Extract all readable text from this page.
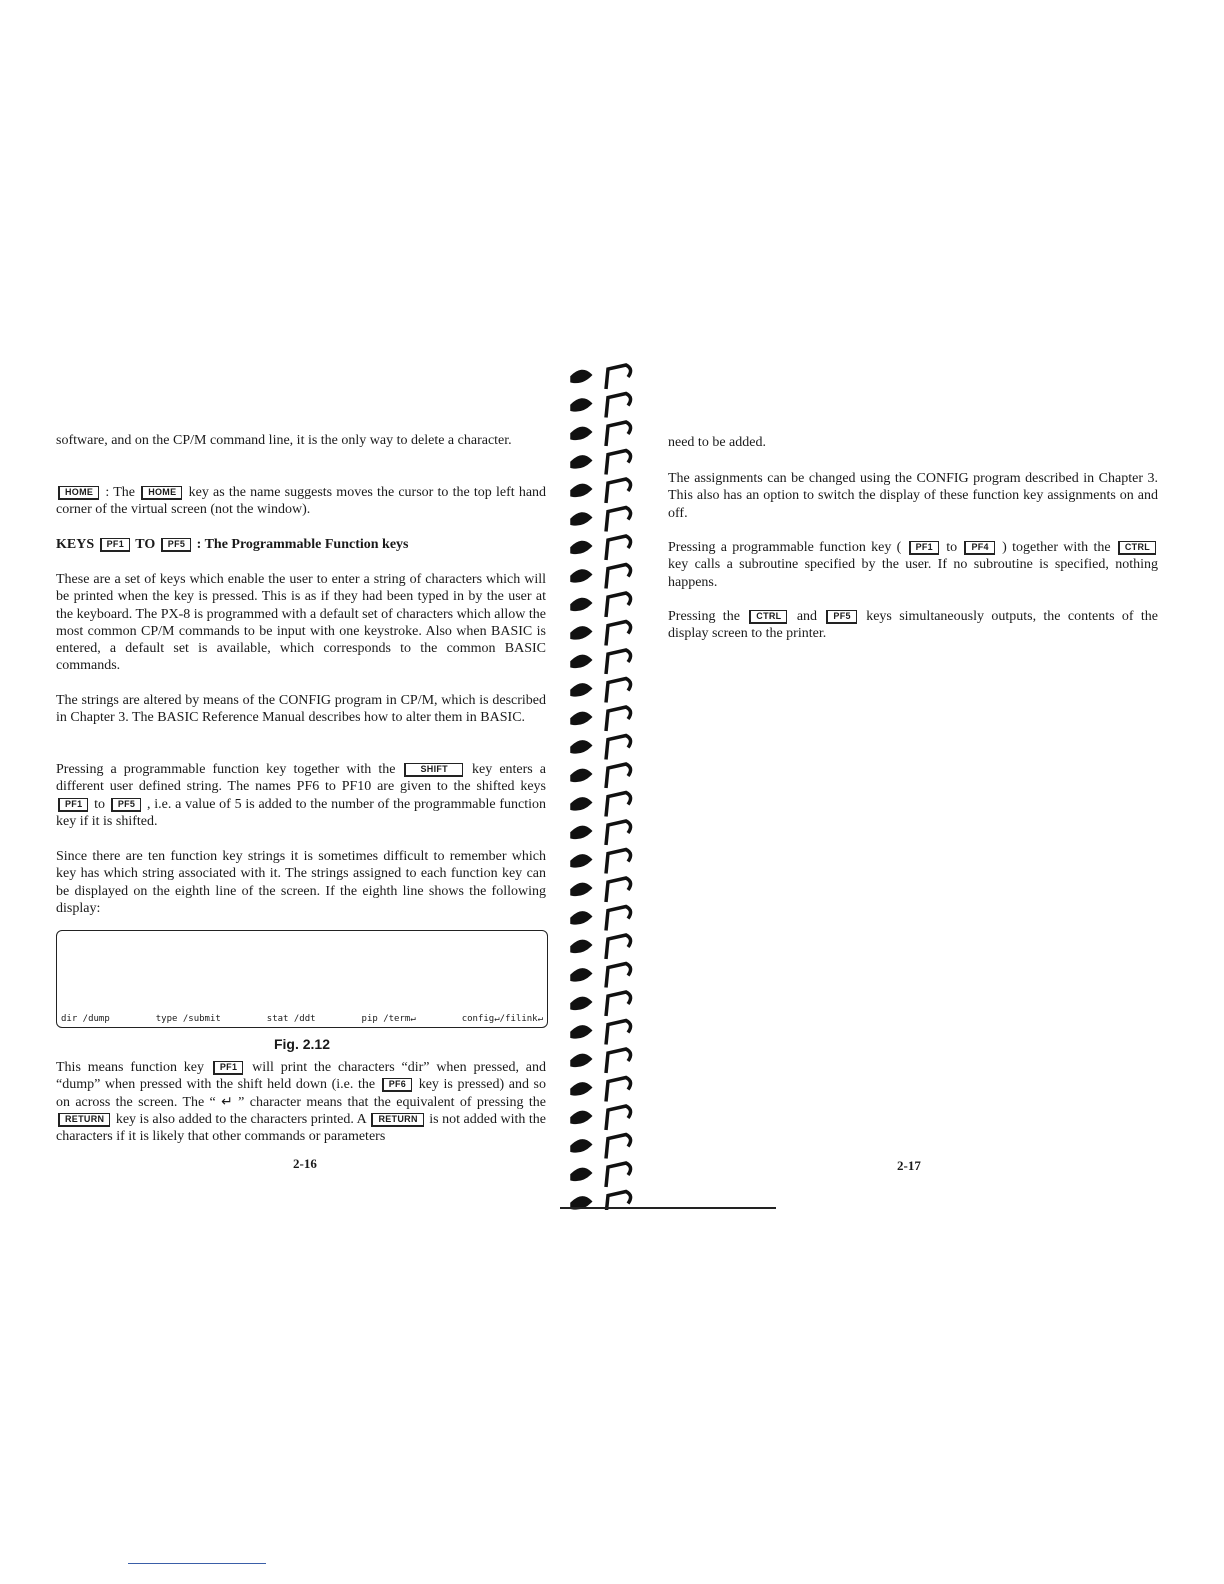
software, and on the CP/M command line, it is the only way to delete a character.

HOME : The HOME key as the name suggests moves the cursor to the top left hand corner of the virtual screen (not the window).

KEYS PF1 TO PF5 : The Programmable Function keys

These are a set of keys which enable the user to enter a string of characters which will be printed when the key is pressed. This is as if they had been typed in by the user at the keyboard. The PX-8 is programmed with a default set of characters which allow the most common CP/M commands to be input with one keystroke. Also when BASIC is entered, a default set is available, which corresponds to the common BASIC commands.

The strings are altered by means of the CONFIG program in CP/M, which is described in Chapter 3. The BASIC Reference Manual describes how to alter them in BASIC.

Pressing a programmable function key together with the	SHIFT key enters a different user defined string. The names PF6 to PF10 are given to the shifted keys PF1 to PF5 , i.e. a value of 5 is added to the number of the programmable function key if it is shifted.

Since there are ten function key strings it is sometimes difficult to remember which key has which string associated with it. The strings assigned to each function key can be displayed on the eighth line of the screen. If the eighth line shows the following display:

dir /dump	type /submit	stat /ddt	pip /term↵	config↵/filink↵
Fig. 2.12

This means function key PF1 will print the characters “dir” when pressed, and “dump” when pressed with the shift held down (i.e. the PF6 key is pressed) and so on across the screen. The “ ↵ ” character means that the equivalent of pressing the RETURN key is also added to the characters printed. A RETURN is not added with the characters if it is likely that other commands or parameters

2-16

need to be added.

The assignments can be changed using the CONFIG program described in Chapter 3. This also has an option to switch the display of these function key assignments on and off.

Pressing a programmable function key ( PF1 to PF4 ) together with the CTRL key calls a subroutine specified by the user. If no subroutine is specified, nothing happens.

Pressing the CTRL and PF5 keys simultaneously outputs, the contents of the display screen to the printer.

2-17
